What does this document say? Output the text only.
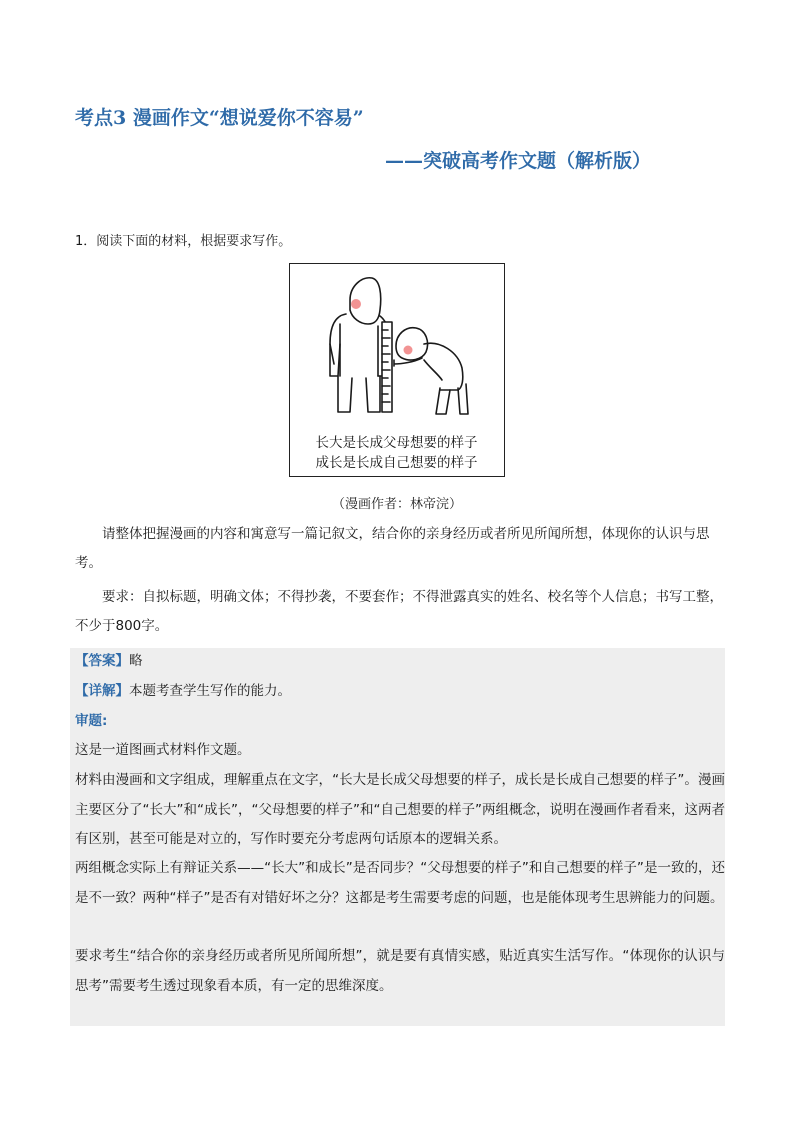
考点3 漫画作文“想说爱你不容易”
——突破高考作文题（解析版）
1．阅读下面的材料，根据要求写作。
长大是长成父母想要的样子
成长是长成自己想要的样子
（漫画作者：林帝浣）
请整体把握漫画的内容和寓意写一篇记叙文，结合你的亲身经历或者所见所闻所想，体现你的认识与思考。
要求：自拟标题，明确文体；不得抄袭，不要套作；不得泄露真实的姓名、校名等个人信息；书写工整，不少于800字。
【答案】略
【详解】本题考查学生写作的能力。
审题:
这是一道图画式材料作文题。
材料由漫画和文字组成，理解重点在文字，“长大是长成父母想要的样子，成长是长成自己想要的样子”。漫画主要区分了“长大”和“成长”，“父母想要的样子”和“自己想要的样子”两组概念，说明在漫画作者看来，这两者有区别，甚至可能是对立的，写作时要充分考虑两句话原本的逻辑关系。
两组概念实际上有辩证关系——“长大”和成长”是否同步？“父母想要的样子”和自己想要的样子”是一致的，还是不一致？两种“样子”是否有对错好坏之分？这都是考生需要考虑的问题，也是能体现考生思辨能力的问题。
要求考生“结合你的亲身经历或者所见所闻所想”，就是要有真情实感，贴近真实生活写作。“体现你的认识与思考”需要考生透过现象看本质，有一定的思维深度。
